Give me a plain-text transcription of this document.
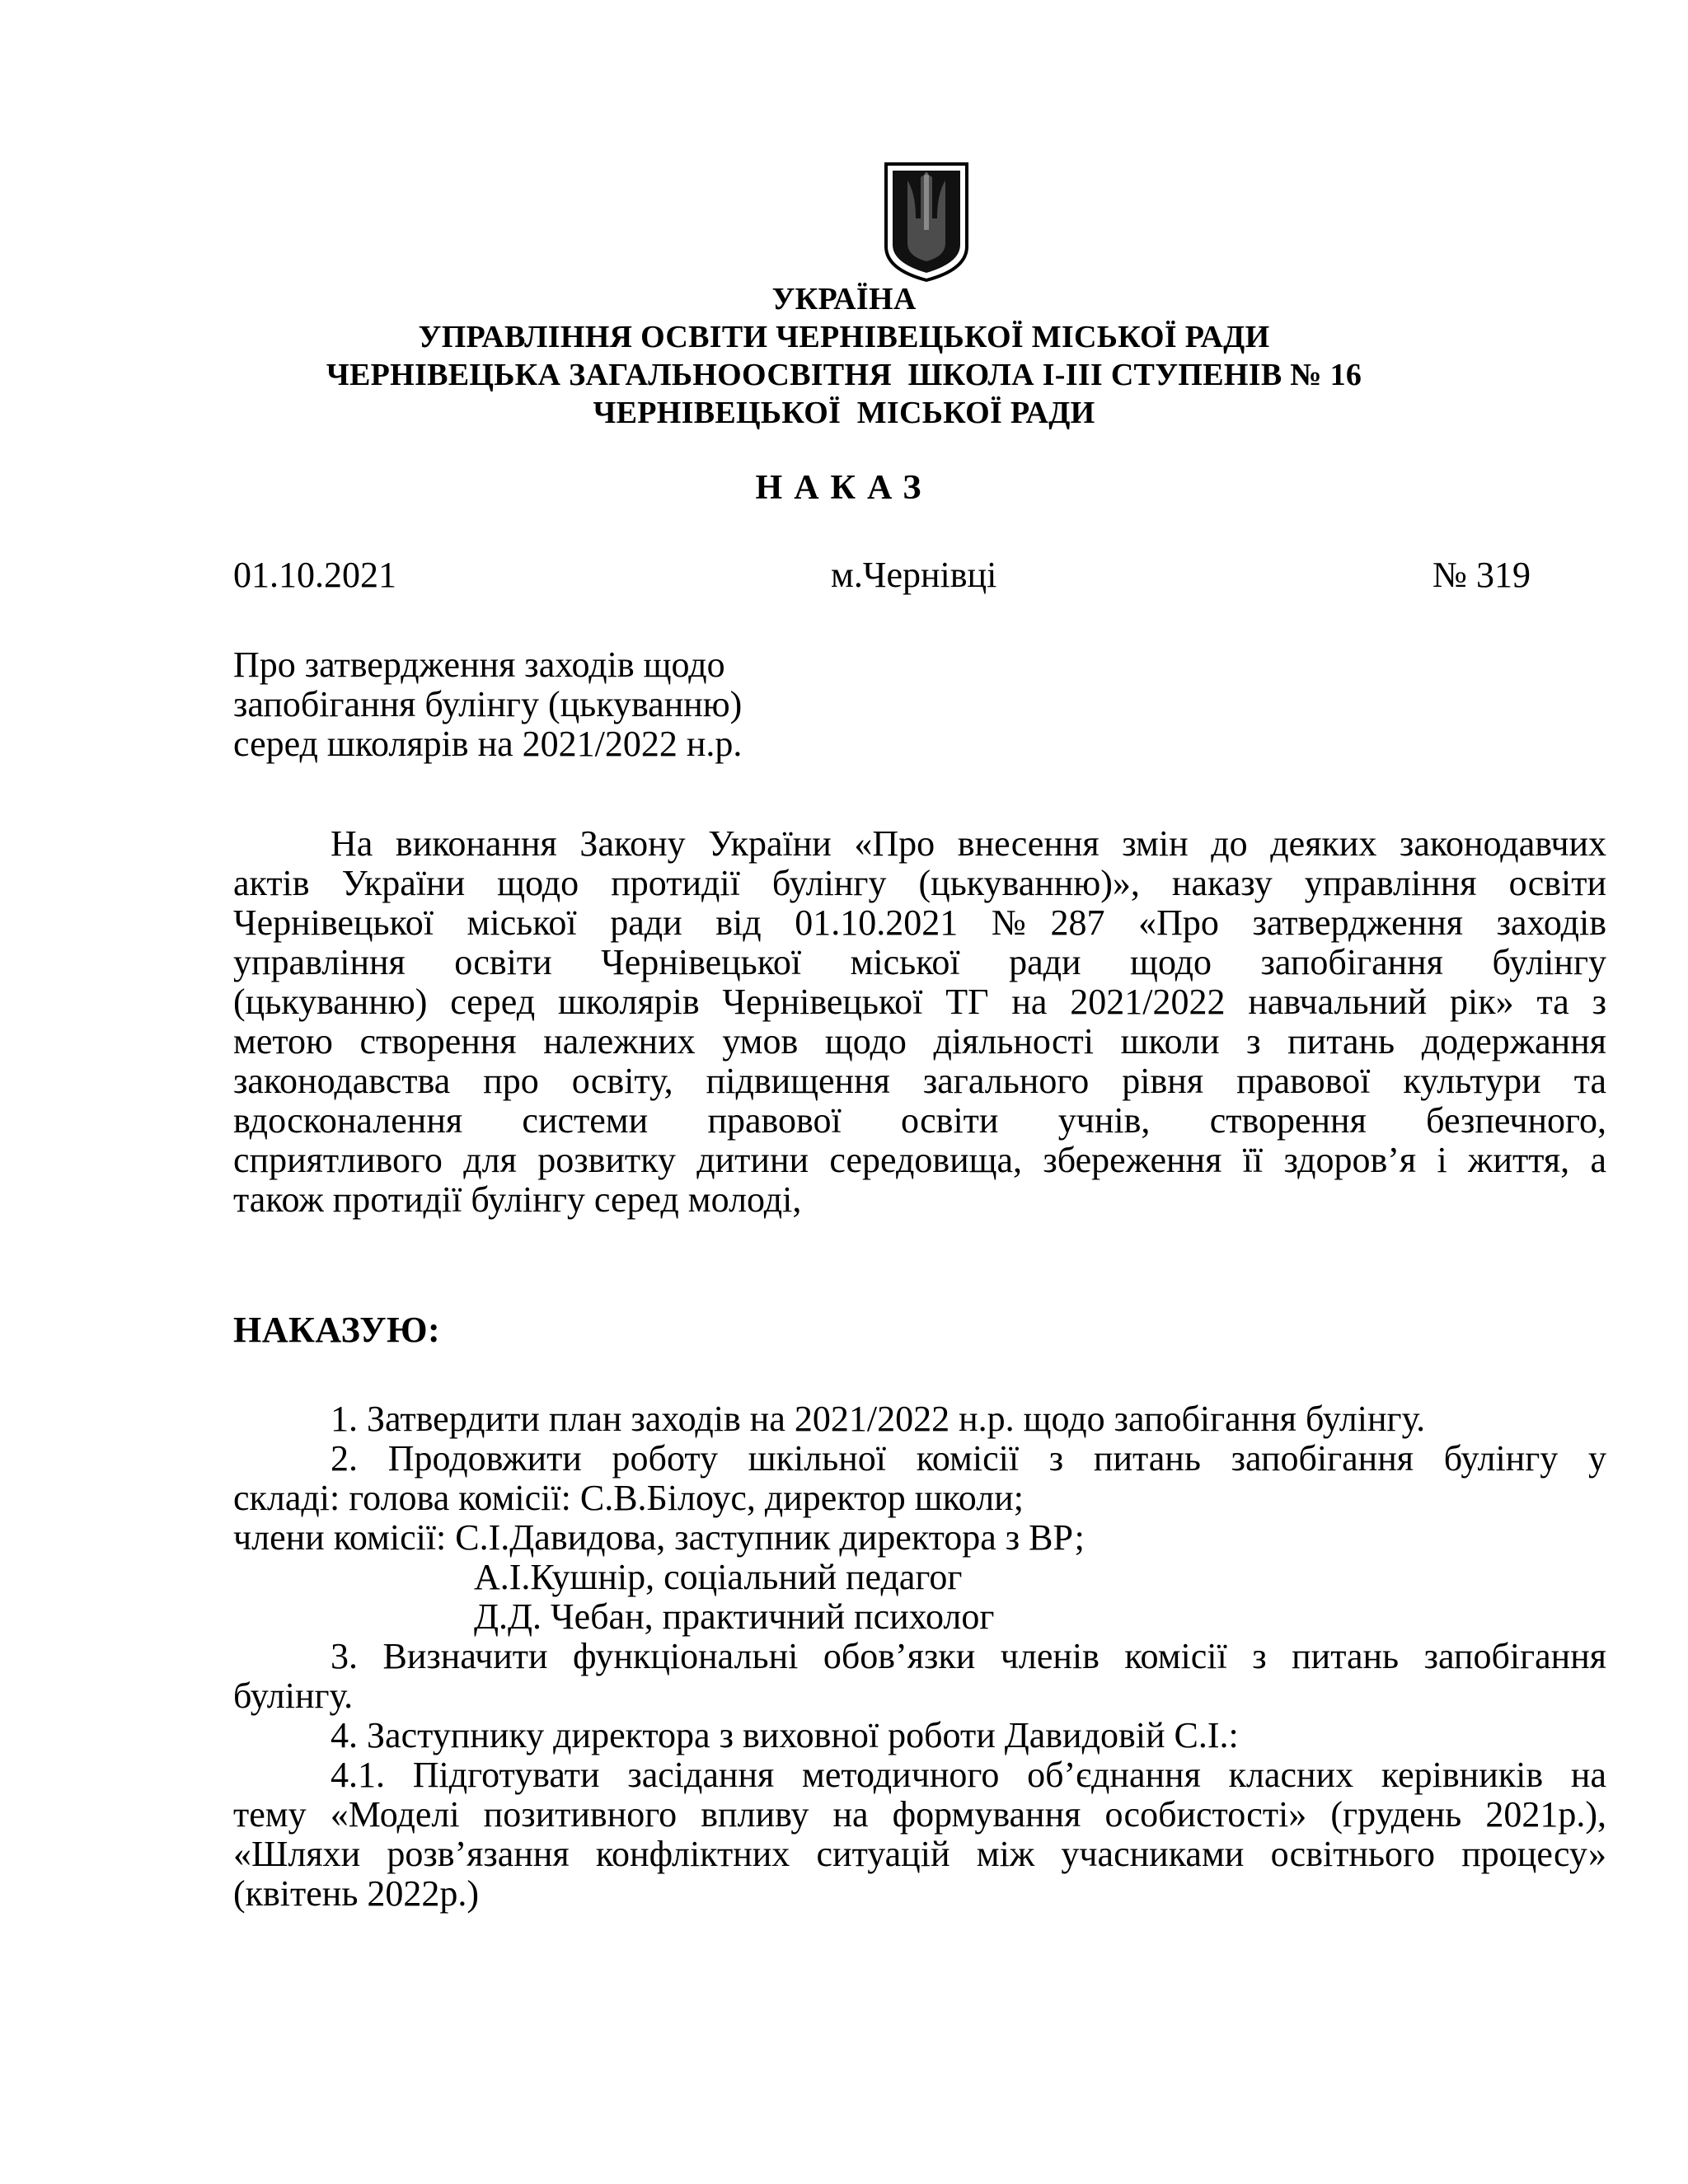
УКРАЇНА
УПРАВЛІННЯ ОСВІТИ ЧЕРНІВЕЦЬКОЇ МІСЬКОЇ РАДИ
ЧЕРНІВЕЦЬКА ЗАГАЛЬНООСВІТНЯ  ШКОЛА І-ІІІ СТУПЕНІВ № 16
ЧЕРНІВЕЦЬКОЇ  МІСЬКОЇ РАДИ
НАКАЗ
01.10.2021	м.Чернівці	№ 319
Про затвердження заходів щодо
запобігання булінгу (цькуванню)
серед школярів на 2021/2022 н.р.
На виконання Закону України «Про внесення змін до деяких законодавчих
актів України щодо протидії булінгу (цькуванню)», наказу управління освіти
Чернівецької міської ради від 01.10.2021 №287 «Про затвердження заходів
управління освіти Чернівецької міської ради щодо запобігання булінгу
(цькуванню) серед школярів Чернівецької ТГ на 2021/2022 навчальний рік» та з
метою створення належних умов щодо діяльності школи з питань додержання
законодавства про освіту, підвищення загального рівня правової культури та
вдосконалення системи правової освіти учнів, створення безпечного,
сприятливого для розвитку дитини середовища, збереження її здоров’я і життя, а
також протидії булінгу серед молоді,
НАКАЗУЮ:
1. Затвердити план заходів на 2021/2022 н.р. щодо запобігання булінгу.
2. Продовжити роботу шкільної комісії з питань запобігання булінгу у
складі: голова комісії: С.В.Білоус, директор школи;
члени комісії: С.І.Давидова, заступник директора з ВР;
А.І.Кушнір, соціальний педагог
Д.Д. Чебан, практичний психолог
3. Визначити функціональні обов’язки членів комісії з питань запобігання
булінгу.
4. Заступнику директора з виховної роботи Давидовій С.І.:
4.1. Підготувати засідання методичного об’єднання класних керівників на
тему «Моделі позитивного впливу на формування особистості» (грудень 2021р.),
«Шляхи розв’язання конфліктних ситуацій між учасниками освітнього процесу»
(квітень 2022р.)
